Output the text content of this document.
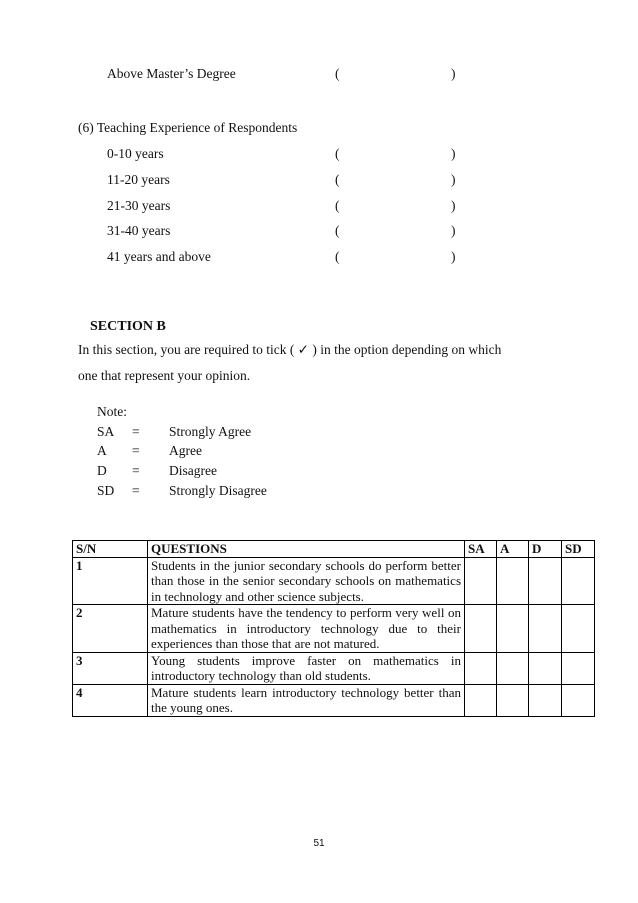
Above Master’s Degree	(	)
(6) Teaching Experience of Respondents
0-10 years	(	)
11-20 years	(	)
21-30 years	(	)
31-40 years	(	)
41 years and above	(	)
SECTION B
In this section, you are required to tick ( ✓ ) in the option depending on which
one that represent your opinion.
Note:
SA = Strongly Agree
A = Agree
D = Disagree
SD = Strongly Disagree
S/N	QUESTIONS	SA	A	D	SD
1	Students in the junior secondary schools do perform better than those in the senior secondary schools on mathematics in technology and other science subjects.				
2	Mature students have the tendency to perform very well on mathematics in introductory technology due to their experiences than those that are not matured.				
3	Young students improve faster on mathematics in introductory technology than old students.				
4	Mature students learn introductory technology better than the young ones.				
51
